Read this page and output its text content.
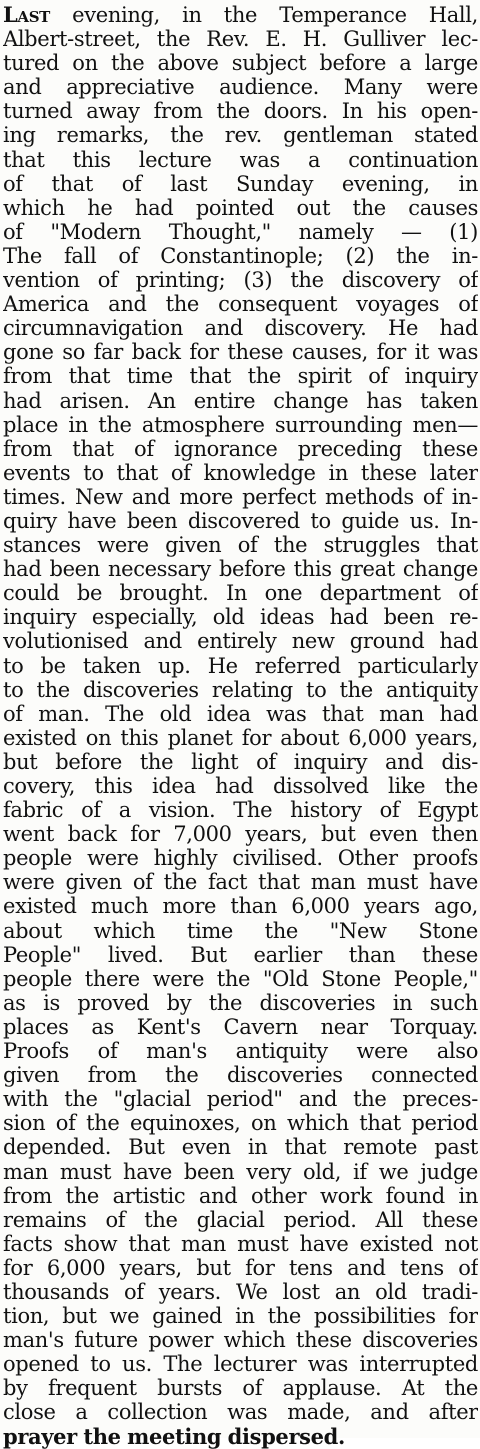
Last evening, in the Temperance Hall,
Albert-street, the Rev. E. H. Gulliver lec-
tured on the above subject before a large
and appreciative audience. Many were
turned away from the doors. In his open-
ing remarks, the rev. gentleman stated
that this lecture was a continuation
of that of last Sunday evening, in
which he had pointed out the causes
of "Modern Thought," namely — (1)
The fall of Constantinople; (2) the in-
vention of printing; (3) the discovery of
America and the consequent voyages of
circumnavigation and discovery. He had
gone so far back for these causes, for it was
from that time that the spirit of inquiry
had arisen. An entire change has taken
place in the atmosphere surrounding men—
from that of ignorance preceding these
events to that of knowledge in these later
times. New and more perfect methods of in-
quiry have been discovered to guide us. In-
stances were given of the struggles that
had been necessary before this great change
could be brought. In one department of
inquiry especially, old ideas had been re-
volutionised and entirely new ground had
to be taken up. He referred particularly
to the discoveries relating to the antiquity
of man. The old idea was that man had
existed on this planet for about 6,000 years,
but before the light of inquiry and dis-
covery, this idea had dissolved like the
fabric of a vision. The history of Egypt
went back for 7,000 years, but even then
people were highly civilised. Other proofs
were given of the fact that man must have
existed much more than 6,000 years ago,
about which time the "New Stone
People" lived. But earlier than these
people there were the "Old Stone People,"
as is proved by the discoveries in such
places as Kent's Cavern near Torquay.
Proofs of man's antiquity were also
given from the discoveries connected
with the "glacial period" and the preces-
sion of the equinoxes, on which that period
depended. But even in that remote past
man must have been very old, if we judge
from the artistic and other work found in
remains of the glacial period. All these
facts show that man must have existed not
for 6,000 years, but for tens and tens of
thousands of years. We lost an old tradi-
tion, but we gained in the possibilities for
man's future power which these discoveries
opened to us. The lecturer was interrupted
by frequent bursts of applause. At the
close a collection was made, and after
prayer the meeting dispersed.
